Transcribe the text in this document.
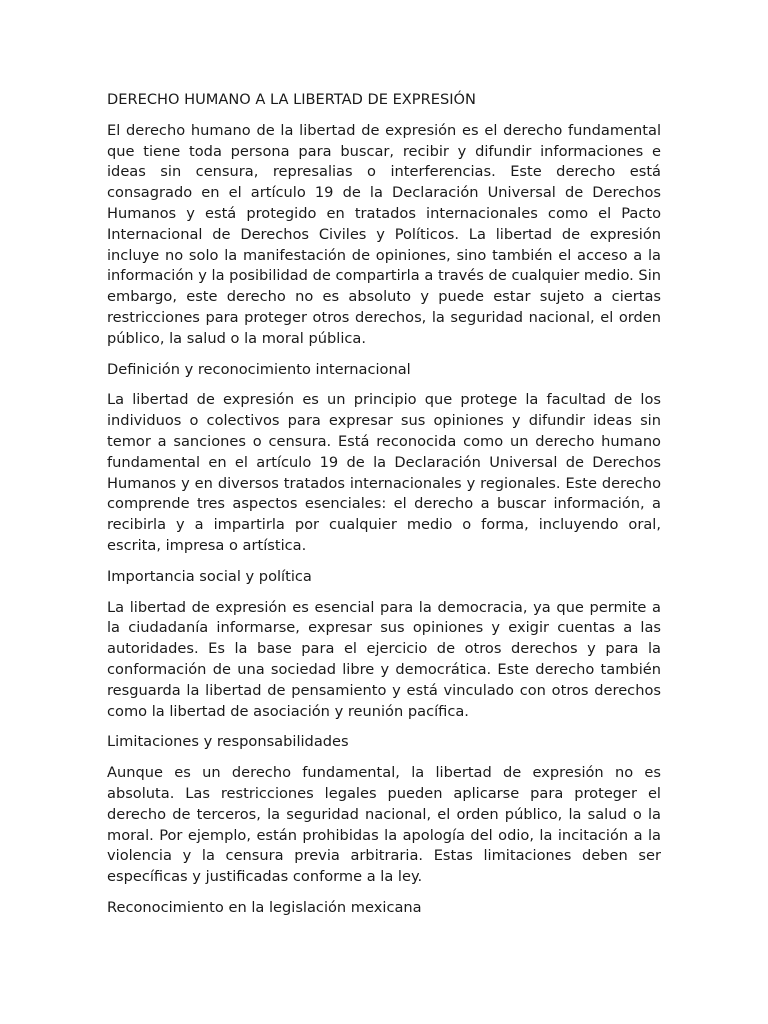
DERECHO HUMANO A LA LIBERTAD DE EXPRESIÓN

El derecho humano de la libertad de expresión es el derecho fundamental que tiene toda persona para buscar, recibir y difundir informaciones e ideas sin censura, represalias o interferencias. Este derecho está consagrado en el artículo 19 de la Declaración Universal de Derechos Humanos y está protegido en tratados internacionales como el Pacto Internacional de Derechos Civiles y Políticos. La libertad de expresión incluye no solo la manifestación de opiniones, sino también el acceso a la información y la posibilidad de compartirla a través de cualquier medio. Sin embargo, este derecho no es absoluto y puede estar sujeto a ciertas restricciones para proteger otros derechos, la seguridad nacional, el orden público, la salud o la moral pública.

Definición y reconocimiento internacional

La libertad de expresión es un principio que protege la facultad de los individuos o colectivos para expresar sus opiniones y difundir ideas sin temor a sanciones o censura. Está reconocida como un derecho humano fundamental en el artículo 19 de la Declaración Universal de Derechos Humanos y en diversos tratados internacionales y regionales. Este derecho comprende tres aspectos esenciales: el derecho a buscar información, a recibirla y a impartirla por cualquier medio o forma, incluyendo oral, escrita, impresa o artística.

Importancia social y política

La libertad de expresión es esencial para la democracia, ya que permite a la ciudadanía informarse, expresar sus opiniones y exigir cuentas a las autoridades. Es la base para el ejercicio de otros derechos y para la conformación de una sociedad libre y democrática. Este derecho también resguarda la libertad de pensamiento y está vinculado con otros derechos como la libertad de asociación y reunión pacífica.

Limitaciones y responsabilidades

Aunque es un derecho fundamental, la libertad de expresión no es absoluta. Las restricciones legales pueden aplicarse para proteger el derecho de terceros, la seguridad nacional, el orden público, la salud o la moral. Por ejemplo, están prohibidas la apología del odio, la incitación a la violencia y la censura previa arbitraria. Estas limitaciones deben ser específicas y justificadas conforme a la ley.

Reconocimiento en la legislación mexicana
